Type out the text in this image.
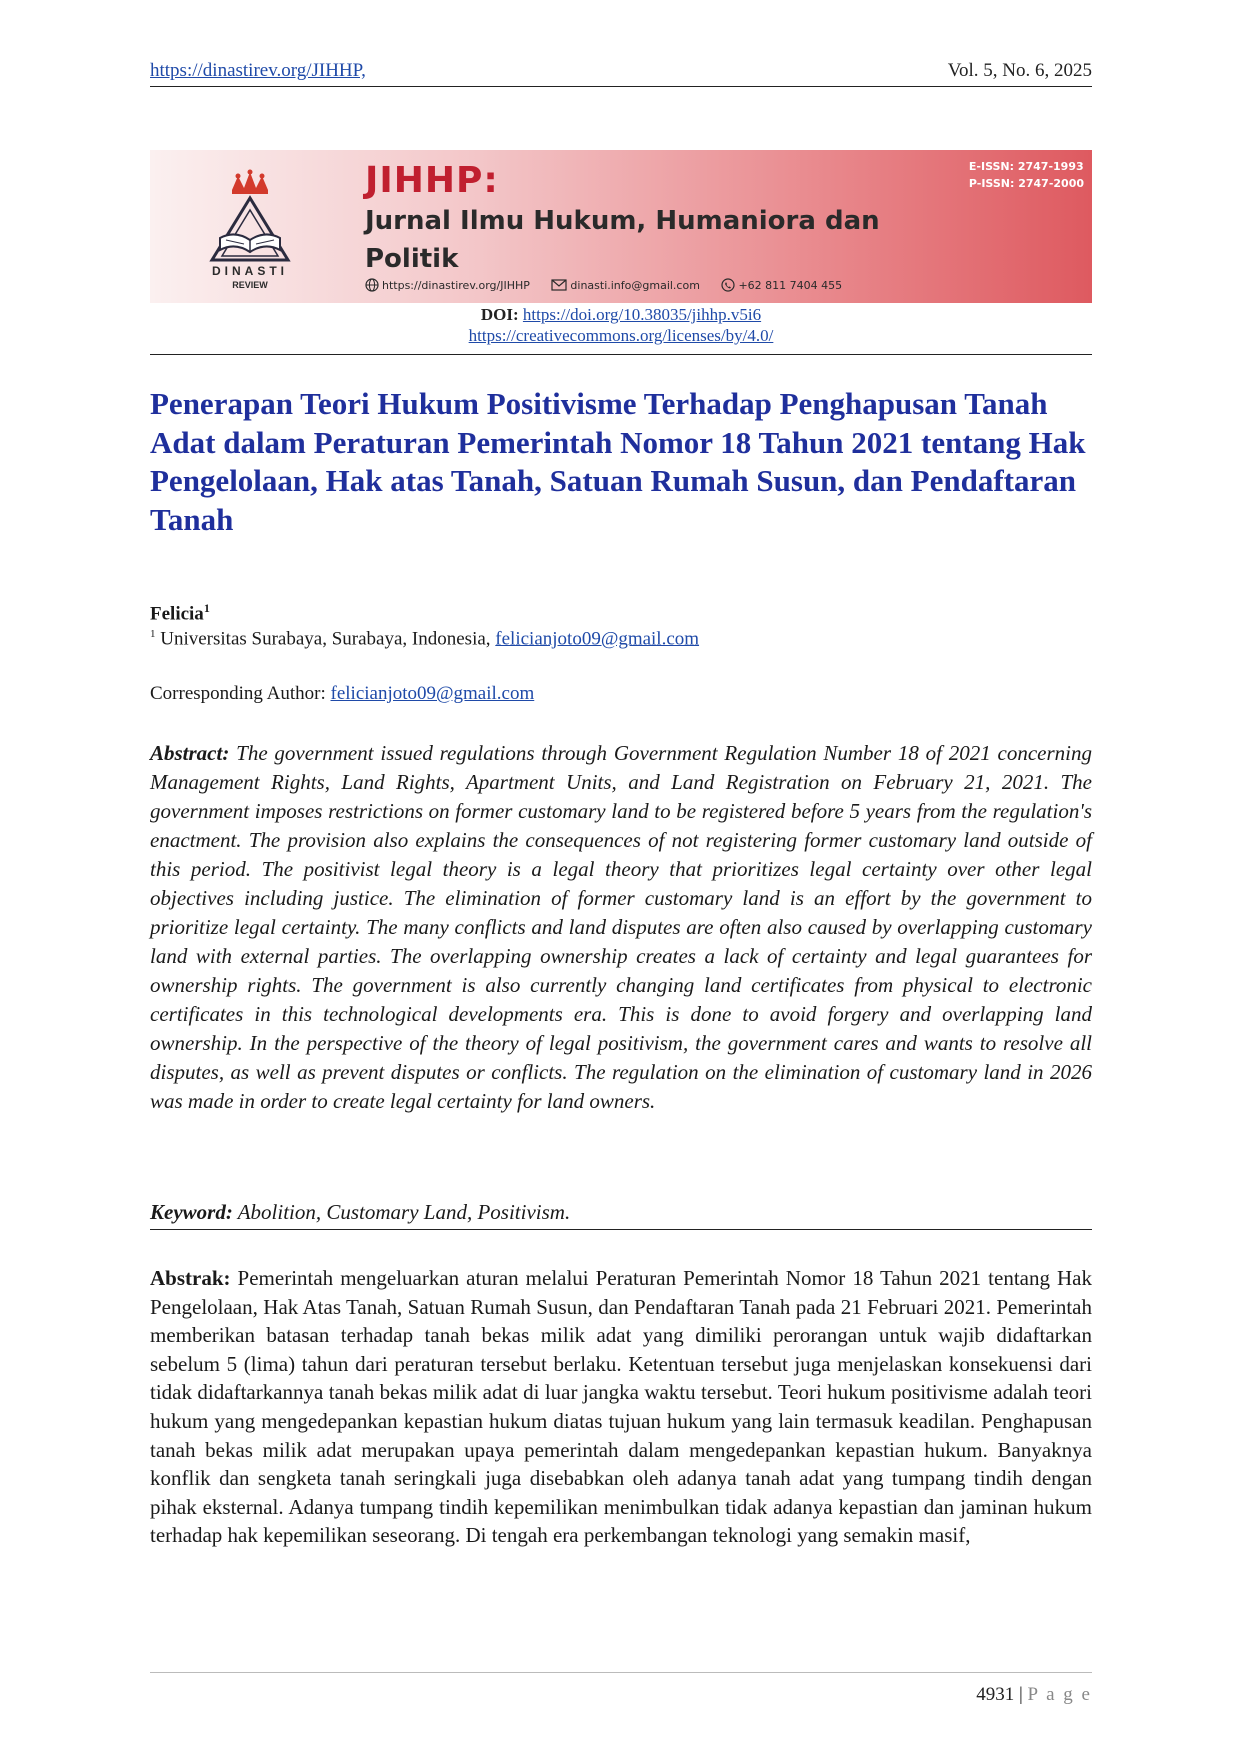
https://dinastirev.org/JIHHP,	Vol. 5, No. 6, 2025
DINASTI
REVIEW
JIHHP:
Jurnal Ilmu Hukum, Humaniora dan Politik
https://dinastirev.org/JIHHP	dinasti.info@gmail.com	+62 811 7404 455
E-ISSN: 2747-1993
P-ISSN: 2747-2000
DOI: https://doi.org/10.38035/jihhp.v5i6
https://creativecommons.org/licenses/by/4.0/
Penerapan Teori Hukum Positivisme Terhadap Penghapusan Tanah Adat dalam Peraturan Pemerintah Nomor 18 Tahun 2021 tentang Hak Pengelolaan, Hak atas Tanah, Satuan Rumah Susun, dan Pendaftaran Tanah
Felicia$^1$
$^1$ Universitas Surabaya, Surabaya, Indonesia, felicianjoto09@gmail.com
Corresponding Author: felicianjoto09@gmail.com
Abstract: The government issued regulations through Government Regulation Number 18 of 2021 concerning Management Rights, Land Rights, Apartment Units, and Land Registration on February 21, 2021. The government imposes restrictions on former customary land to be registered before 5 years from the regulation's enactment. The provision also explains the consequences of not registering former customary land outside of this period. The positivist legal theory is a legal theory that prioritizes legal certainty over other legal objectives including justice. The elimination of former customary land is an effort by the government to prioritize legal certainty. The many conflicts and land disputes are often also caused by overlapping customary land with external parties. The overlapping ownership creates a lack of certainty and legal guarantees for ownership rights. The government is also currently changing land certificates from physical to electronic certificates in this technological developments era. This is done to avoid forgery and overlapping land ownership. In the perspective of the theory of legal positivism, the government cares and wants to resolve all disputes, as well as prevent disputes or conflicts. The regulation on the elimination of customary land in 2026 was made in order to create legal certainty for land owners.
Keyword: Abolition, Customary Land, Positivism.
Abstrak: Pemerintah mengeluarkan aturan melalui Peraturan Pemerintah Nomor 18 Tahun 2021 tentang Hak Pengelolaan, Hak Atas Tanah, Satuan Rumah Susun, dan Pendaftaran Tanah pada 21 Februari 2021. Pemerintah memberikan batasan terhadap tanah bekas milik adat yang dimiliki perorangan untuk wajib didaftarkan sebelum 5 (lima) tahun dari peraturan tersebut berlaku. Ketentuan tersebut juga menjelaskan konsekuensi dari tidak didaftarkannya tanah bekas milik adat di luar jangka waktu tersebut. Teori hukum positivisme adalah teori hukum yang mengedepankan kepastian hukum diatas tujuan hukum yang lain termasuk keadilan. Penghapusan tanah bekas milik adat merupakan upaya pemerintah dalam mengedepankan kepastian hukum. Banyaknya konflik dan sengketa tanah seringkali juga disebabkan oleh adanya tanah adat yang tumpang tindih dengan pihak eksternal. Adanya tumpang tindih kepemilikan menimbulkan tidak adanya kepastian dan jaminan hukum terhadap hak kepemilikan seseorang. Di tengah era perkembangan teknologi yang semakin masif,
4931 | P a g e
